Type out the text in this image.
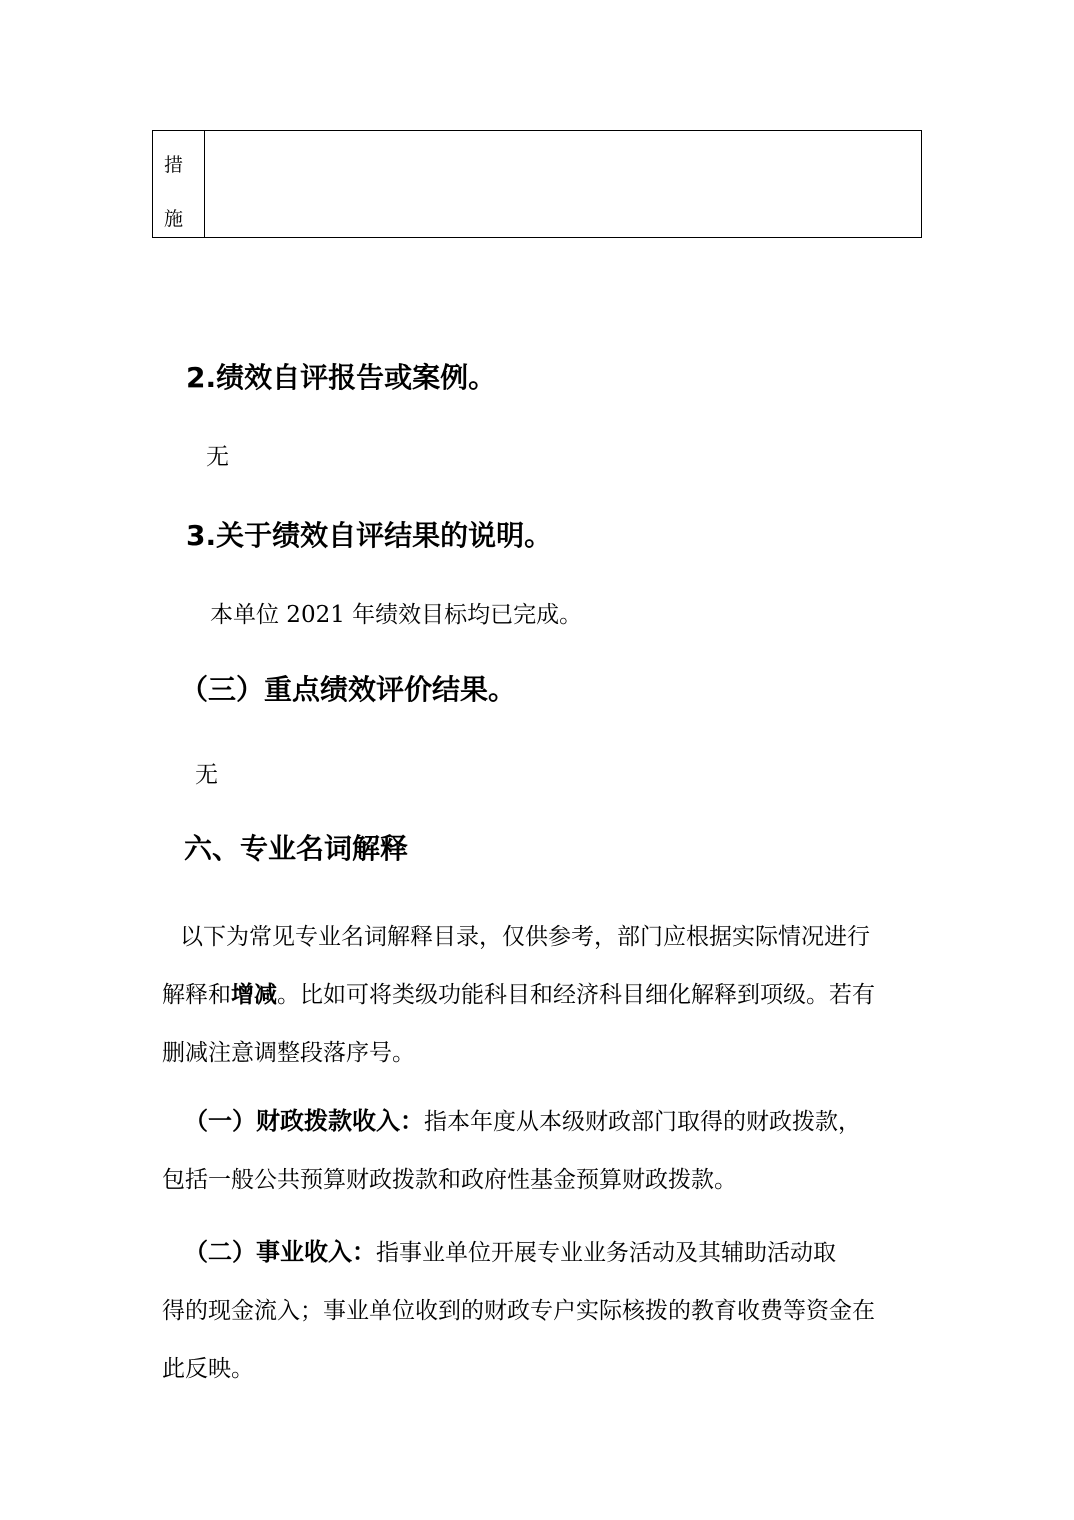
措
施
2.绩效自评报告或案例。
无
3.关于绩效自评结果的说明。
本单位 2021 年绩效目标均已完成。
（三）重点绩效评价结果。
无
六、专业名词解释
以下为常见专业名词解释目录，仅供参考，部门应根据实际情况进行
解释和增减。比如可将类级功能科目和经济科目细化解释到项级。若有
删减注意调整段落序号。
（一）财政拨款收入：指本年度从本级财政部门取得的财政拨款，
包括一般公共预算财政拨款和政府性基金预算财政拨款。
（二）事业收入：指事业单位开展专业业务活动及其辅助活动取
得的现金流入；事业单位收到的财政专户实际核拨的教育收费等资金在
此反映。
